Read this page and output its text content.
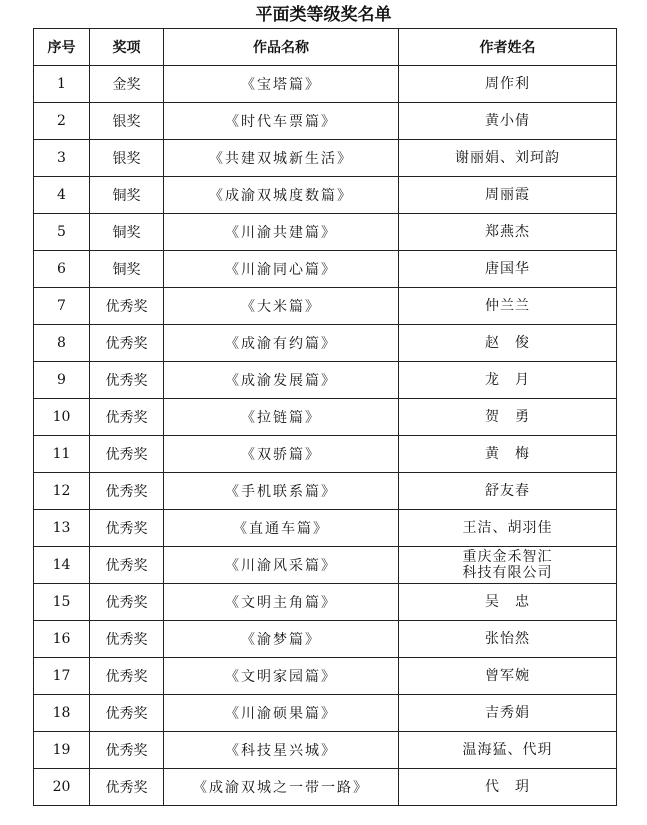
平面类等级奖名单
序号	奖项	作品名称	作者姓名
1	金奖	《宝塔篇》	周作利
2	银奖	《时代车票篇》	黄小倩
3	银奖	《共建双城新生活》	谢丽娟、刘珂韵
4	铜奖	《成渝双城度数篇》	周丽霞
5	铜奖	《川渝共建篇》	郑燕杰
6	铜奖	《川渝同心篇》	唐国华
7	优秀奖	《大米篇》	仲兰兰
8	优秀奖	《成渝有约篇》	赵　俊
9	优秀奖	《成渝发展篇》	龙　月
10	优秀奖	《拉链篇》	贺　勇
11	优秀奖	《双骄篇》	黄　梅
12	优秀奖	《手机联系篇》	舒友春
13	优秀奖	《直通车篇》	王洁、胡羽佳
14	优秀奖	《川渝风采篇》	重庆金禾智汇
科技有限公司
15	优秀奖	《文明主角篇》	吴　忠
16	优秀奖	《渝梦篇》	张怡然
17	优秀奖	《文明家园篇》	曾军婉
18	优秀奖	《川渝硕果篇》	吉秀娟
19	优秀奖	《科技星兴城》	温海猛、代玥
20	优秀奖	《成渝双城之一带一路》	代　玥
